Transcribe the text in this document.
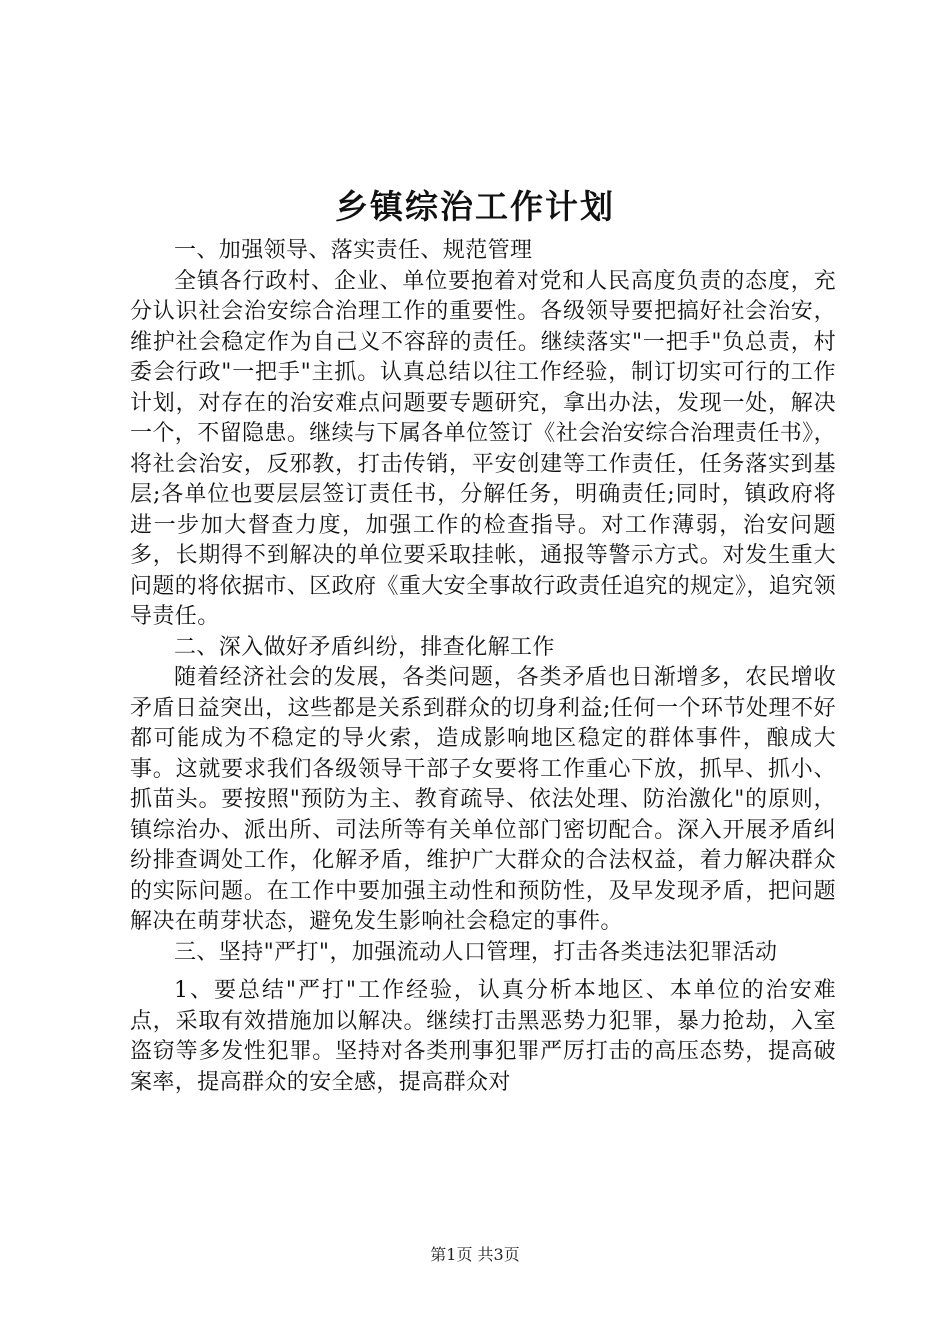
乡镇综治工作计划

一、加强领导、落实责任、规范管理

全镇各行政村、企业、单位要抱着对党和人民高度负责的态度，充分认识社会治安综合治理工作的重要性。各级领导要把搞好社会治安，维护社会稳定作为自己义不容辞的责任。继续落实"一把手"负总责，村委会行政"一把手"主抓。认真总结以往工作经验，制订切实可行的工作计划，对存在的治安难点问题要专题研究，拿出办法，发现一处，解决一个，不留隐患。继续与下属各单位签订《社会治安综合治理责任书》，将社会治安，反邪教，打击传销，平安创建等工作责任，任务落实到基层;各单位也要层层签订责任书，分解任务，明确责任;同时，镇政府将进一步加大督查力度，加强工作的检查指导。对工作薄弱，治安问题多，长期得不到解决的单位要采取挂帐，通报等警示方式。对发生重大问题的将依据市、区政府《重大安全事故行政责任追究的规定》，追究领导责任。

二、深入做好矛盾纠纷，排查化解工作

随着经济社会的发展，各类问题，各类矛盾也日渐增多，农民增收矛盾日益突出，这些都是关系到群众的切身利益;任何一个环节处理不好都可能成为不稳定的导火索，造成影响地区稳定的群体事件，酿成大事。这就要求我们各级领导干部子女要将工作重心下放，抓早、抓小、抓苗头。要按照"预防为主、教育疏导、依法处理、防治激化"的原则，镇综治办、派出所、司法所等有关单位部门密切配合。深入开展矛盾纠纷排查调处工作，化解矛盾，维护广大群众的合法权益，着力解决群众的实际问题。在工作中要加强主动性和预防性，及早发现矛盾，把问题解决在萌芽状态，避免发生影响社会稳定的事件。

三、坚持"严打"，加强流动人口管理，打击各类违法犯罪活动

1、要总结"严打"工作经验，认真分析本地区、本单位的治安难点，采取有效措施加以解决。继续打击黑恶势力犯罪，暴力抢劫，入室盗窃等多发性犯罪。坚持对各类刑事犯罪严厉打击的高压态势，提高破案率，提高群众的安全感，提高群众对

第1页 共3页
